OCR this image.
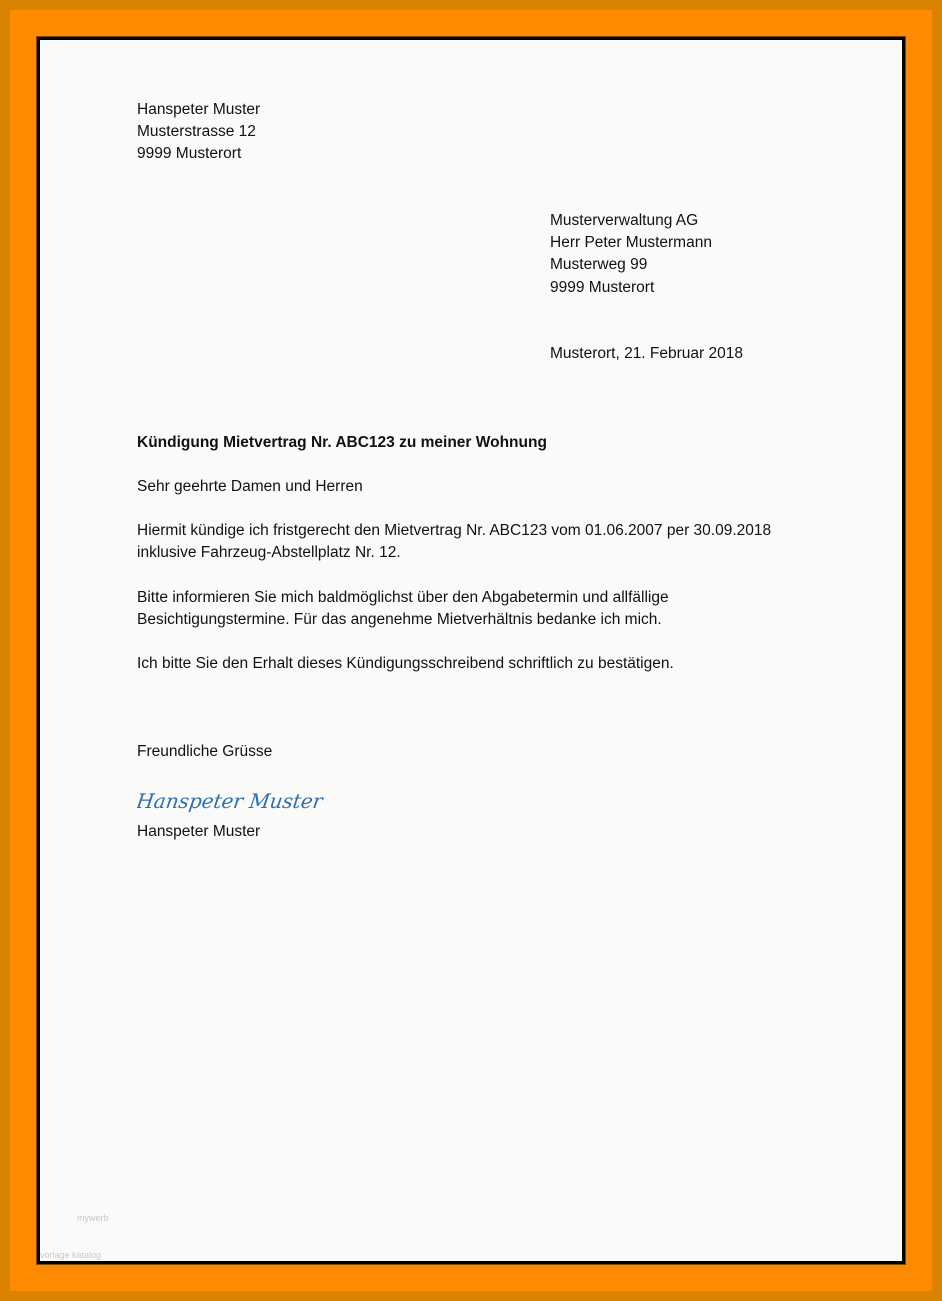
Hanspeter Muster
Musterstrasse 12
9999 Musterort
Musterverwaltung AG
Herr Peter Mustermann
Musterweg 99
9999 Musterort
Musterort, 21. Februar 2018
Kündigung Mietvertrag Nr. ABC123 zu meiner Wohnung
Sehr geehrte Damen und Herren
Hiermit kündige ich fristgerecht den Mietvertrag Nr. ABC123 vom 01.06.2007 per 30.09.2018
inklusive Fahrzeug-Abstellplatz Nr. 12.
Bitte informieren Sie mich baldmöglichst über den Abgabetermin und allfällige
Besichtigungstermine. Für das angenehme Mietverhältnis bedanke ich mich.
Ich bitte Sie den Erhalt dieses Kündigungsschreibend schriftlich zu bestätigen.
Freundliche Grüsse
Hanspeter Muster
Hanspeter Muster
mywerb
vorlage katalog
